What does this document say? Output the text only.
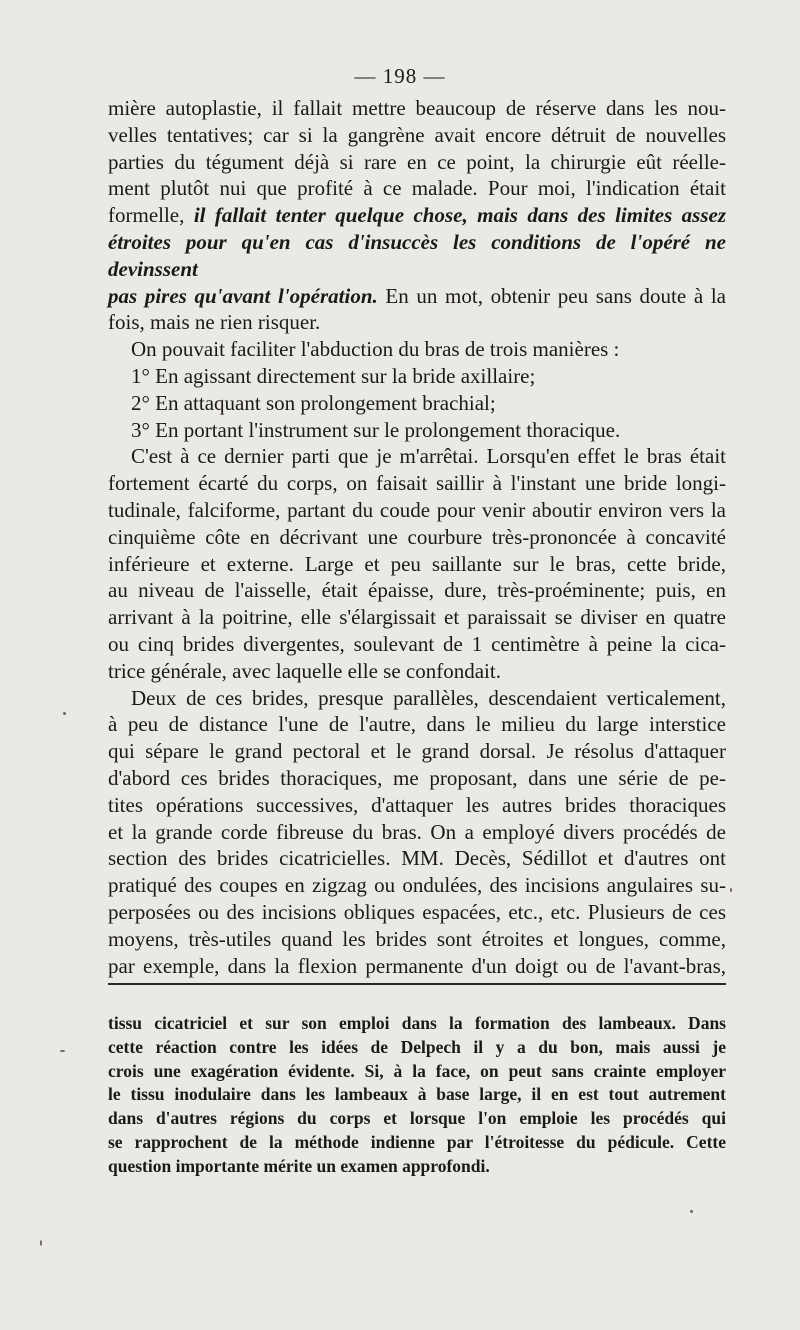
— 198 —

mière autoplastie, il fallait mettre beaucoup de réserve dans les nou-

velles tentatives; car si la gangrène avait encore détruit de nouvelles

parties du tégument déjà si rare en ce point, la chirurgie eût réelle-

ment plutôt nui que profité à ce malade. Pour moi, l'indication était

formelle, il fallait tenter quelque chose, mais dans des limites assez

étroites pour qu'en cas d'insuccès les conditions de l'opéré ne devinssent

pas pires qu'avant l'opération. En un mot, obtenir peu sans doute à la

fois, mais ne rien risquer.

On pouvait faciliter l'abduction du bras de trois manières :

1° En agissant directement sur la bride axillaire;

2° En attaquant son prolongement brachial;

3° En portant l'instrument sur le prolongement thoracique.

C'est à ce dernier parti que je m'arrêtai. Lorsqu'en effet le bras était

fortement écarté du corps, on faisait saillir à l'instant une bride longi-

tudinale, falciforme, partant du coude pour venir aboutir environ vers la

cinquième côte en décrivant une courbure très-prononcée à concavité

inférieure et externe. Large et peu saillante sur le bras, cette bride,

au niveau de l'aisselle, était épaisse, dure, très-proéminente; puis, en

arrivant à la poitrine, elle s'élargissait et paraissait se diviser en quatre

ou cinq brides divergentes, soulevant de 1 centimètre à peine la cica-

trice générale, avec laquelle elle se confondait.

Deux de ces brides, presque parallèles, descendaient verticalement,

à peu de distance l'une de l'autre, dans le milieu du large interstice

qui sépare le grand pectoral et le grand dorsal. Je résolus d'attaquer

d'abord ces brides thoraciques, me proposant, dans une série de pe-

tites opérations successives, d'attaquer les autres brides thoraciques

et la grande corde fibreuse du bras. On a employé divers procédés de

section des brides cicatricielles. MM. Decès, Sédillot et d'autres ont

pratiqué des coupes en zigzag ou ondulées, des incisions angulaires su-

perposées ou des incisions obliques espacées, etc., etc. Plusieurs de ces

moyens, très-utiles quand les brides sont étroites et longues, comme,

par exemple, dans la flexion permanente d'un doigt ou de l'avant-bras,

tissu cicatriciel et sur son emploi dans la formation des lambeaux. Dans

cette réaction contre les idées de Delpech il y a du bon, mais aussi je

crois une exagération évidente. Si, à la face, on peut sans crainte employer

le tissu inodulaire dans les lambeaux à base large, il en est tout autrement

dans d'autres régions du corps et lorsque l'on emploie les procédés qui

se rapprochent de la méthode indienne par l'étroitesse du pédicule. Cette

question importante mérite un examen approfondi.
